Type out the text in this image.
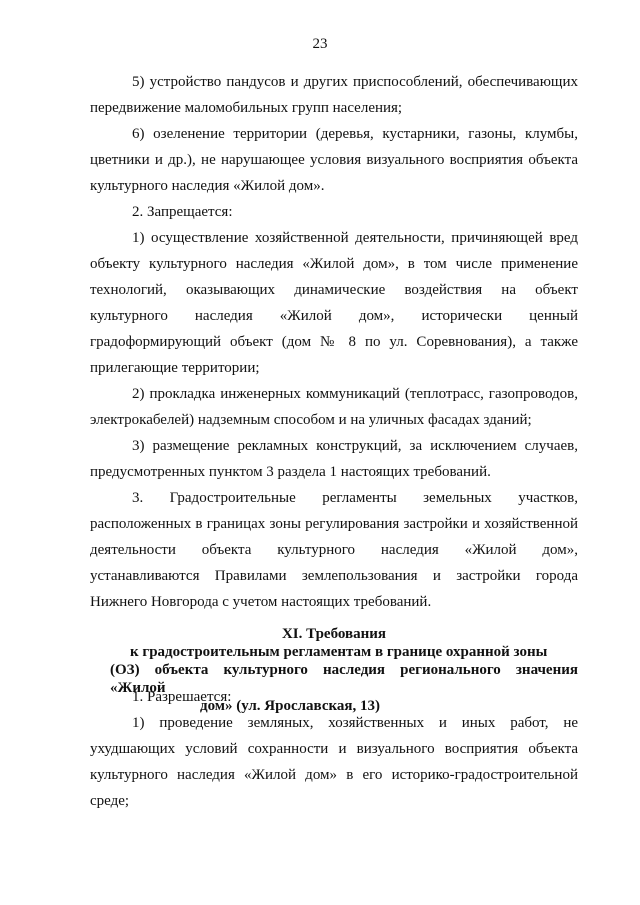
23

5) устройство пандусов и других приспособлений, обеспечивающих передвижение маломобильных групп населения;

6) озеленение территории (деревья, кустарники, газоны, клумбы, цветники и др.), не нарушающее условия визуального восприятия объекта культурного наследия «Жилой дом».

2. Запрещается:

1) осуществление хозяйственной деятельности, причиняющей вред объекту культурного наследия «Жилой дом», в том числе применение технологий, оказывающих динамические воздействия на объект культурного наследия «Жилой дом», исторически ценный градоформирующий объект (дом № 8 по ул. Соревнования), а также прилегающие территории;

2) прокладка инженерных коммуникаций (теплотрасс, газопроводов, электрокабелей) надземным способом и на уличных фасадах зданий;

3) размещение рекламных конструкций, за исключением случаев, предусмотренных пунктом 3 раздела 1 настоящих требований.

3. Градостроительные регламенты земельных участков, расположенных в границах зоны регулирования застройки и хозяйственной деятельности объекта культурного наследия «Жилой дом», устанавливаются Правилами землепользования и застройки города Нижнего Новгорода с учетом настоящих требований.

XI. Требования
к градостроительным регламентам в границе охранной зоны
(ОЗ) объекта культурного наследия регионального значения «Жилой
дом» (ул. Ярославская, 13)

1. Разрешается:

1) проведение земляных, хозяйственных и иных работ, не ухудшающих условий сохранности и визуального восприятия объекта культурного наследия «Жилой дом» в его историко-градостроительной среде;
